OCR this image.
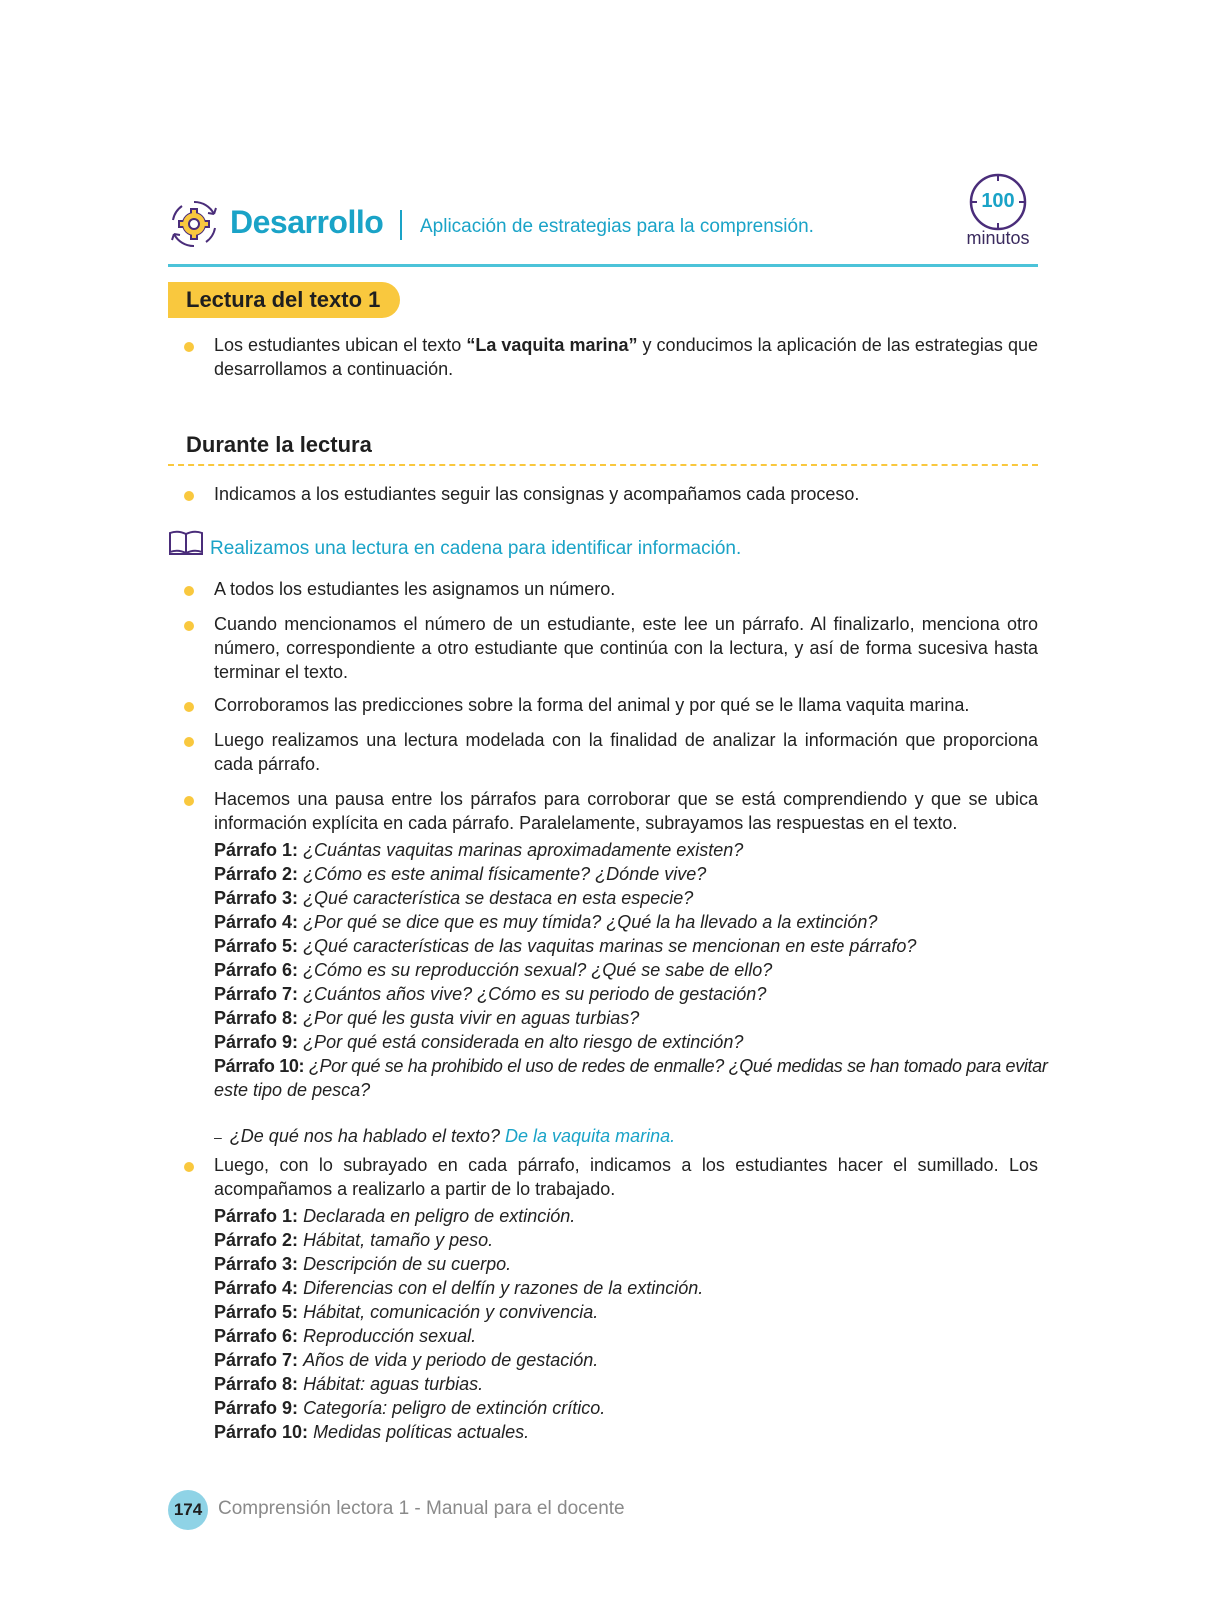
Desarrollo Aplicación de estrategias para la comprensión.
100
minutos
Lectura del texto 1
Los estudiantes ubican el texto “La vaquita marina” y conducimos la aplicación de las estrategias que desarrollamos a continuación.
Durante la lectura
Indicamos a los estudiantes seguir las consignas y acompañamos cada proceso.
Realizamos una lectura en cadena para identificar información.
A todos los estudiantes les asignamos un número.
Cuando mencionamos el número de un estudiante, este lee un párrafo. Al finalizarlo, menciona otro número, correspondiente a otro estudiante que continúa con la lectura, y así de forma sucesiva hasta terminar el texto.
Corroboramos las predicciones sobre la forma del animal y por qué se le llama vaquita marina.
Luego realizamos una lectura modelada con la finalidad de analizar la información que proporciona cada párrafo.
Hacemos una pausa entre los párrafos para corroborar que se está comprendiendo y que se ubica información explícita en cada párrafo. Paralelamente, subrayamos las respuestas en el texto.
Párrafo 1: ¿Cuántas vaquitas marinas aproximadamente existen?
Párrafo 2: ¿Cómo es este animal físicamente? ¿Dónde vive?
Párrafo 3: ¿Qué característica se destaca en esta especie?
Párrafo 4: ¿Por qué se dice que es muy tímida? ¿Qué la ha llevado a la extinción?
Párrafo 5: ¿Qué características de las vaquitas marinas se mencionan en este párrafo?
Párrafo 6: ¿Cómo es su reproducción sexual? ¿Qué se sabe de ello?
Párrafo 7: ¿Cuántos años vive? ¿Cómo es su periodo de gestación?
Párrafo 8: ¿Por qué les gusta vivir en aguas turbias?
Párrafo 9: ¿Por qué está considerada en alto riesgo de extinción?
Párrafo 10: ¿Por qué se ha prohibido el uso de redes de enmalle? ¿Qué medidas se han tomado para evitar
este tipo de pesca?
– ¿De qué nos ha hablado el texto? De la vaquita marina.
Luego, con lo subrayado en cada párrafo, indicamos a los estudiantes hacer el sumillado. Los acompañamos a realizarlo a partir de lo trabajado.
Párrafo 1: Declarada en peligro de extinción.
Párrafo 2: Hábitat, tamaño y peso.
Párrafo 3: Descripción de su cuerpo.
Párrafo 4: Diferencias con el delfín y razones de la extinción.
Párrafo 5: Hábitat, comunicación y convivencia.
Párrafo 6: Reproducción sexual.
Párrafo 7: Años de vida y periodo de gestación.
Párrafo 8: Hábitat: aguas turbias.
Párrafo 9: Categoría: peligro de extinción crítico.
Párrafo 10: Medidas políticas actuales.
174 Comprensión lectora 1 - Manual para el docente
